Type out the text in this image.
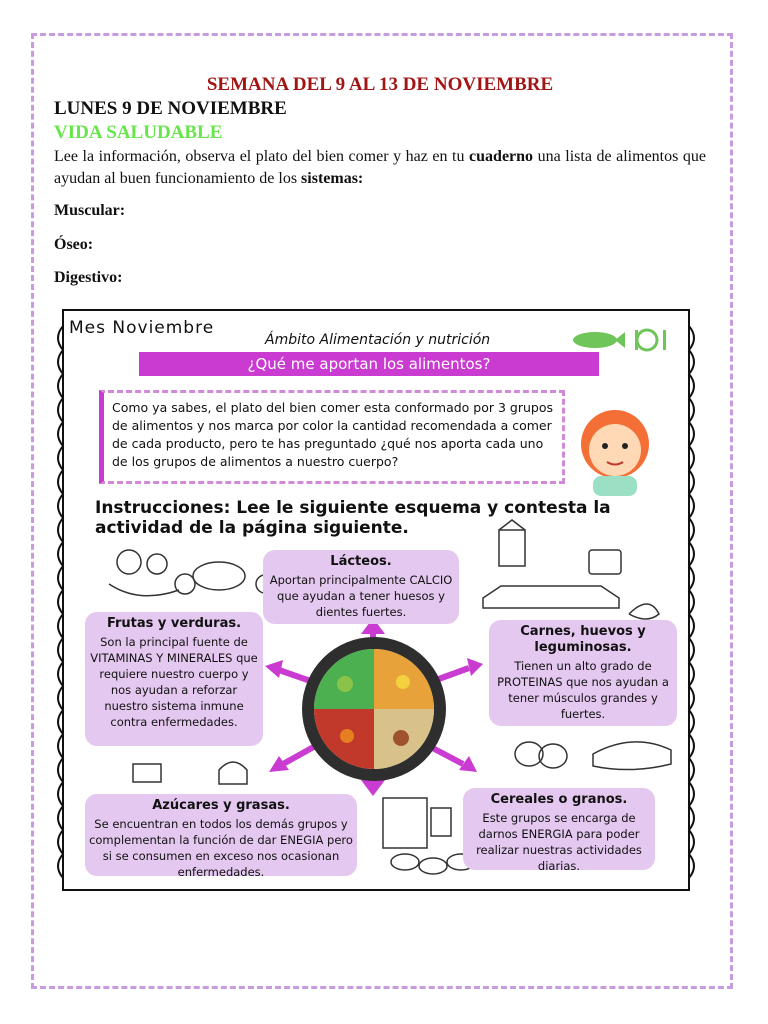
SEMANA DEL 9 AL 13 DE NOVIEMBRE
LUNES 9 DE NOVIEMBRE
VIDA SALUDABLE
Lee la información, observa el plato del bien comer y haz en tu cuaderno una lista de alimentos que ayudan al buen funcionamiento de los sistemas:
Muscular:
Óseo:
Digestivo:
Mes Noviembre
Ámbito Alimentación y nutrición
¿Qué me aportan los alimentos?
Como ya sabes, el plato del bien comer esta conformado por 3 grupos de alimentos y nos marca por color la cantidad recomendada a comer de cada producto, pero te has preguntado ¿qué nos aporta cada uno de los grupos de alimentos a nuestro cuerpo?
Instrucciones: Lee le siguiente esquema y contesta la actividad de la página siguiente.
Lácteos.
Aportan principalmente CALCIO que ayudan a tener huesos y dientes fuertes.
Frutas y verduras.
Son la principal fuente de VITAMINAS Y MINERALES que requiere nuestro cuerpo y nos ayudan a reforzar nuestro sistema inmune contra enfermedades.
Carnes, huevos y leguminosas.
Tienen un alto grado de PROTEINAS que nos ayudan a tener músculos grandes y fuertes.
Azúcares y grasas.
Se encuentran en todos los demás grupos y complementan la función de dar ENEGIA pero si se consumen en exceso nos ocasionan enfermedades.
Cereales o granos.
Este grupos se encarga de darnos ENERGIA para poder realizar nuestras actividades diarias.
